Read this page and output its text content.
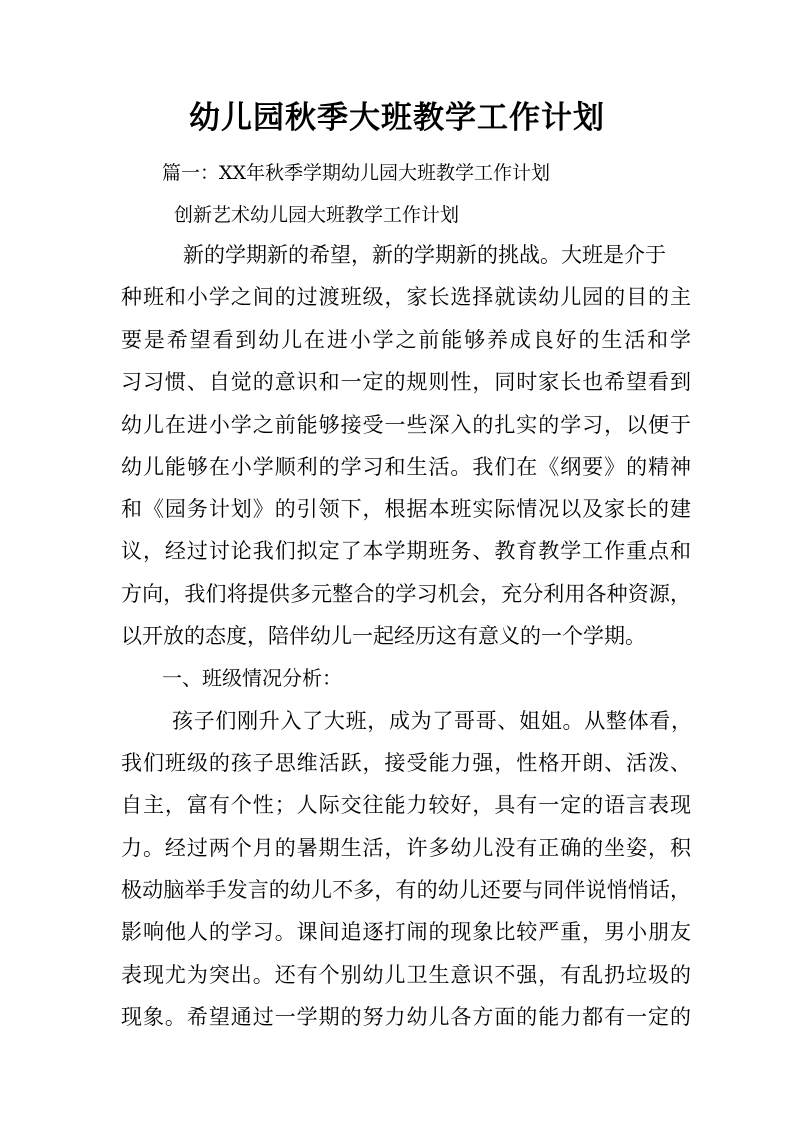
幼儿园秋季大班教学工作计划
篇一：XX年秋季学期幼儿园大班教学工作计划
创新艺术幼儿园大班教学工作计划
新的学期新的希望，新的学期新的挑战。大班是介于
种班和小学之间的过渡班级，家长选择就读幼儿园的目的主
要是希望看到幼儿在进小学之前能够养成良好的生活和学
习习惯、自觉的意识和一定的规则性，同时家长也希望看到
幼儿在进小学之前能够接受一些深入的扎实的学习，以便于
幼儿能够在小学顺利的学习和生活。我们在《纲要》的精神
和《园务计划》的引领下，根据本班实际情况以及家长的建
议，经过讨论我们拟定了本学期班务、教育教学工作重点和
方向，我们将提供多元整合的学习机会，充分利用各种资源，
以开放的态度，陪伴幼儿一起经历这有意义的一个学期。
一、班级情况分析：
孩子们刚升入了大班，成为了哥哥、姐姐。从整体看，
我们班级的孩子思维活跃，接受能力强，性格开朗、活泼、
自主，富有个性；人际交往能力较好，具有一定的语言表现
力。经过两个月的暑期生活，许多幼儿没有正确的坐姿，积
极动脑举手发言的幼儿不多，有的幼儿还要与同伴说悄悄话，
影响他人的学习。课间追逐打闹的现象比较严重，男小朋友
表现尤为突出。还有个别幼儿卫生意识不强，有乱扔垃圾的
现象。希望通过一学期的努力幼儿各方面的能力都有一定的
